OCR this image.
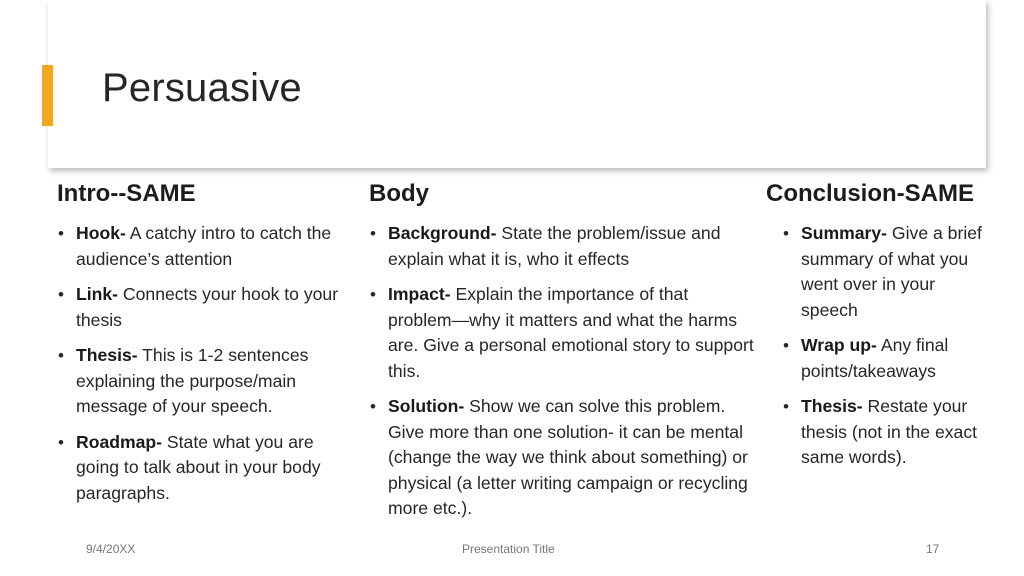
Persuasive
Intro--SAME
• Hook- A catchy intro to catch the audience’s attention
• Link- Connects your hook to your thesis
• Thesis- This is 1-2 sentences explaining the purpose/main message of your speech.
• Roadmap- State what you are going to talk about in your body paragraphs.
Body
• Background- State the problem/issue and explain what it is, who it effects
• Impact- Explain the importance of that problem—why it matters and what the harms are. Give a personal emotional story to support this.
• Solution- Show we can solve this problem. Give more than one solution- it can be mental (change the way we think about something) or physical (a letter writing campaign or recycling more etc.).
Conclusion-SAME
• Summary- Give a brief summary of what you went over in your speech
• Wrap up- Any final points/takeaways
• Thesis- Restate your thesis (not in the exact same words).
9/4/20XX	Presentation Title	17
